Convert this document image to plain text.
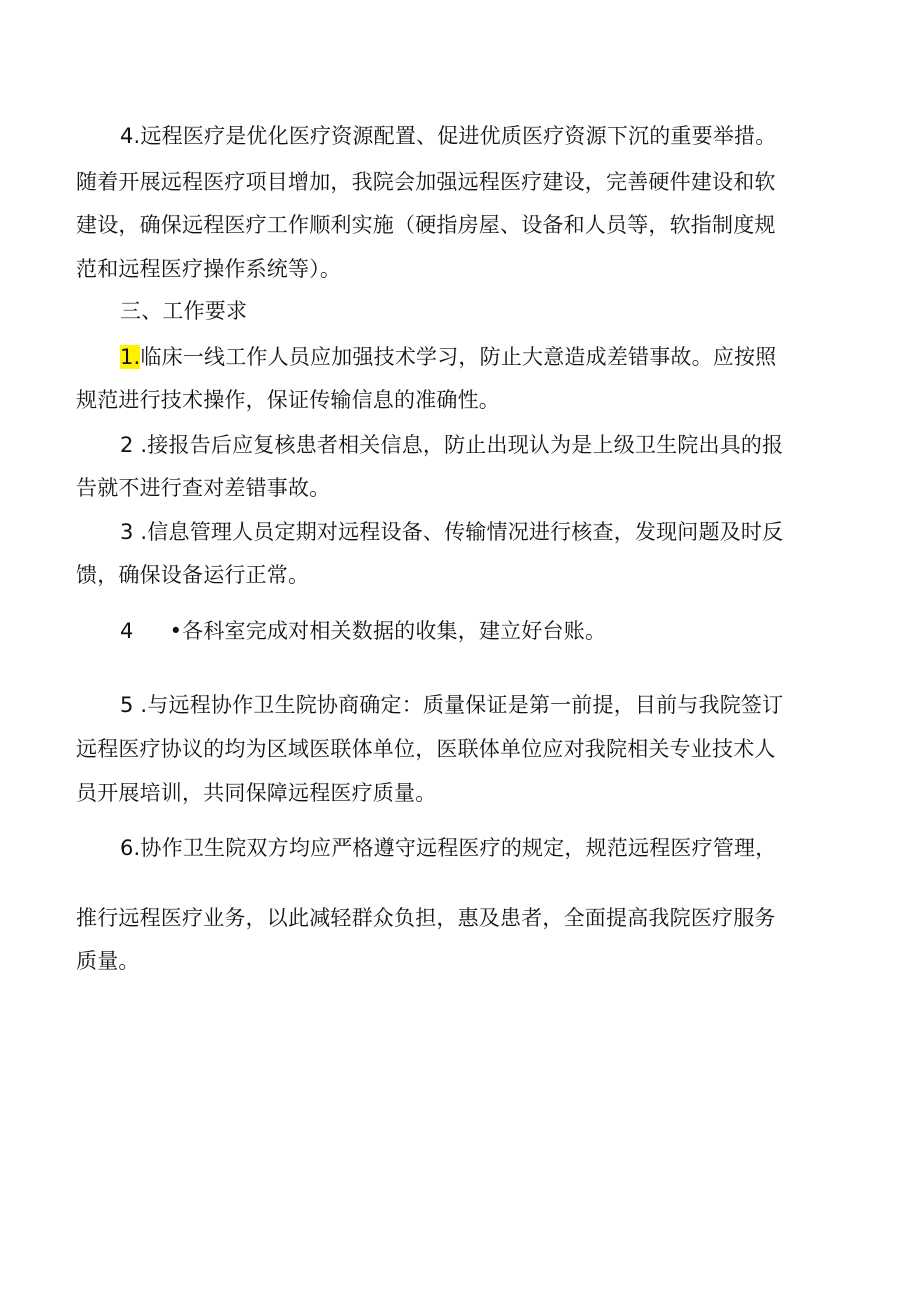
4.远程医疗是优化医疗资源配置、促进优质医疗资源下沉的重要举措。
随着开展远程医疗项目增加，我院会加强远程医疗建设，完善硬件建设和软
建设，确保远程医疗工作顺利实施（硬指房屋、设备和人员等，软指制度规
范和远程医疗操作系统等）。
三、工作要求
1.临床一线工作人员应加强技术学习，防止大意造成差错事故。应按照
规范进行技术操作，保证传输信息的准确性。
2 .接报告后应复核患者相关信息，防止出现认为是上级卫生院出具的报
告就不进行查对差错事故。
3 .信息管理人员定期对远程设备、传输情况进行核查，发现问题及时反
馈，确保设备运行正常。
4 •各科室完成对相关数据的收集，建立好台账。
5 .与远程协作卫生院协商确定：质量保证是第一前提，目前与我院签订
远程医疗协议的均为区域医联体单位，医联体单位应对我院相关专业技术人
员开展培训，共同保障远程医疗质量。
6.协作卫生院双方均应严格遵守远程医疗的规定，规范远程医疗管理，
推行远程医疗业务，以此减轻群众负担，惠及患者，全面提高我院医疗服务
质量。
